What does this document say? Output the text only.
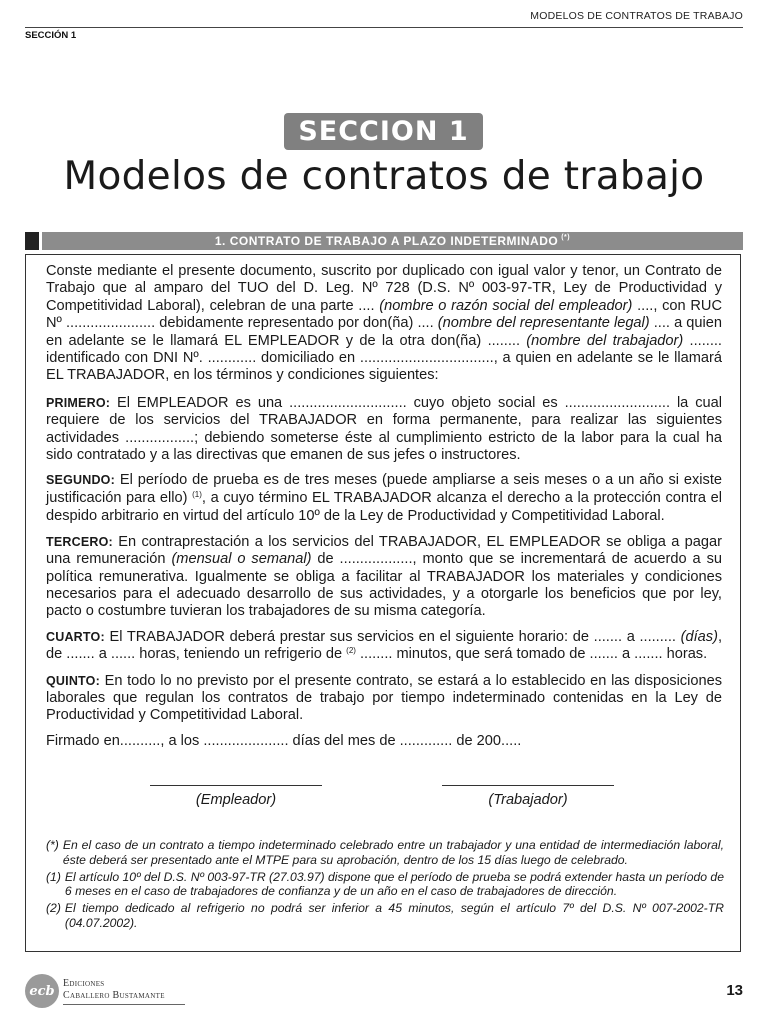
MODELOS DE CONTRATOS DE TRABAJO
SECCIÓN 1
SECCION 1
Modelos de contratos de trabajo
1. CONTRATO DE TRABAJO A PLAZO INDETERMINADO (*)

Conste mediante el presente documento, suscrito por duplicado con igual valor y tenor, un Contrato de Trabajo que al amparo del TUO del D. Leg. Nº 728 (D.S. Nº 003-97-TR, Ley de Productividad y Competitividad Laboral), celebran de una parte .... (nombre o razón social del empleador) ...., con RUC Nº ...................... debidamente representado por don(ña) .... (nombre del representante legal) .... a quien en adelante se le llamará EL EMPLEADOR y de la otra don(ña) ........ (nombre del trabajador) ........ identificado con DNI Nº. ............ domiciliado en ................................., a quien en adelante se le llamará EL TRABAJADOR, en los términos y condiciones siguientes:

PRIMERO: El EMPLEADOR es una ............................. cuyo objeto social es .......................... la cual requiere de los servicios del TRABAJADOR en forma permanente, para realizar las siguientes actividades .................; debiendo someterse éste al cumplimiento estricto de la labor para la cual ha sido contratado y a las directivas que emanen de sus jefes o instructores.

SEGUNDO: El período de prueba es de tres meses (puede ampliarse a seis meses o a un año si existe justificación para ello) $^{(1)}$, a cuyo término EL TRABAJADOR alcanza el derecho a la protección contra el despido arbitrario en virtud del artículo 10º de la Ley de Productividad y Competitividad Laboral.

TERCERO: En contraprestación a los servicios del TRABAJADOR, EL EMPLEADOR se obliga a pagar una remuneración (mensual o semanal) de .................., monto que se incrementará de acuerdo a su política remunerativa. Igualmente se obliga a facilitar al TRABAJADOR los materiales y condiciones necesarios para el adecuado desarrollo de sus actividades, y a otorgarle los beneficios que por ley, pacto o costumbre tuvieran los trabajadores de su misma categoría.

CUARTO: El TRABAJADOR deberá prestar sus servicios en el siguiente horario: de ....... a ......... (días), de ....... a ...... horas, teniendo un refrigerio de $^{(2)}$ ........ minutos, que será tomado de ....... a ....... horas.

QUINTO: En todo lo no previsto por el presente contrato, se estará a lo establecido en las disposiciones laborales que regulan los contratos de trabajo por tiempo indeterminado contenidas en la Ley de Productividad y Competitividad Laboral.

Firmado en.........., a los ..................... días del mes de ............. de 200.....

(Empleador)	(Trabajador)
(*) En el caso de un contrato a tiempo indeterminado celebrado entre un trabajador y una entidad de intermediación laboral, éste deberá ser presentado ante el MTPE para su aprobación, dentro de los 15 días luego de celebrado.
(1) El artículo 10º del D.S. Nº 003-97-TR (27.03.97) dispone que el período de prueba se podrá extender hasta un período de 6 meses en el caso de trabajadores de confianza y de un año en el caso de trabajadores de dirección.
(2) El tiempo dedicado al refrigerio no podrá ser inferior a 45 minutos, según el artículo 7º del D.S. Nº 007-2002-TR (04.07.2002).
ecb
Ediciones
Caballero Bustamante	13
